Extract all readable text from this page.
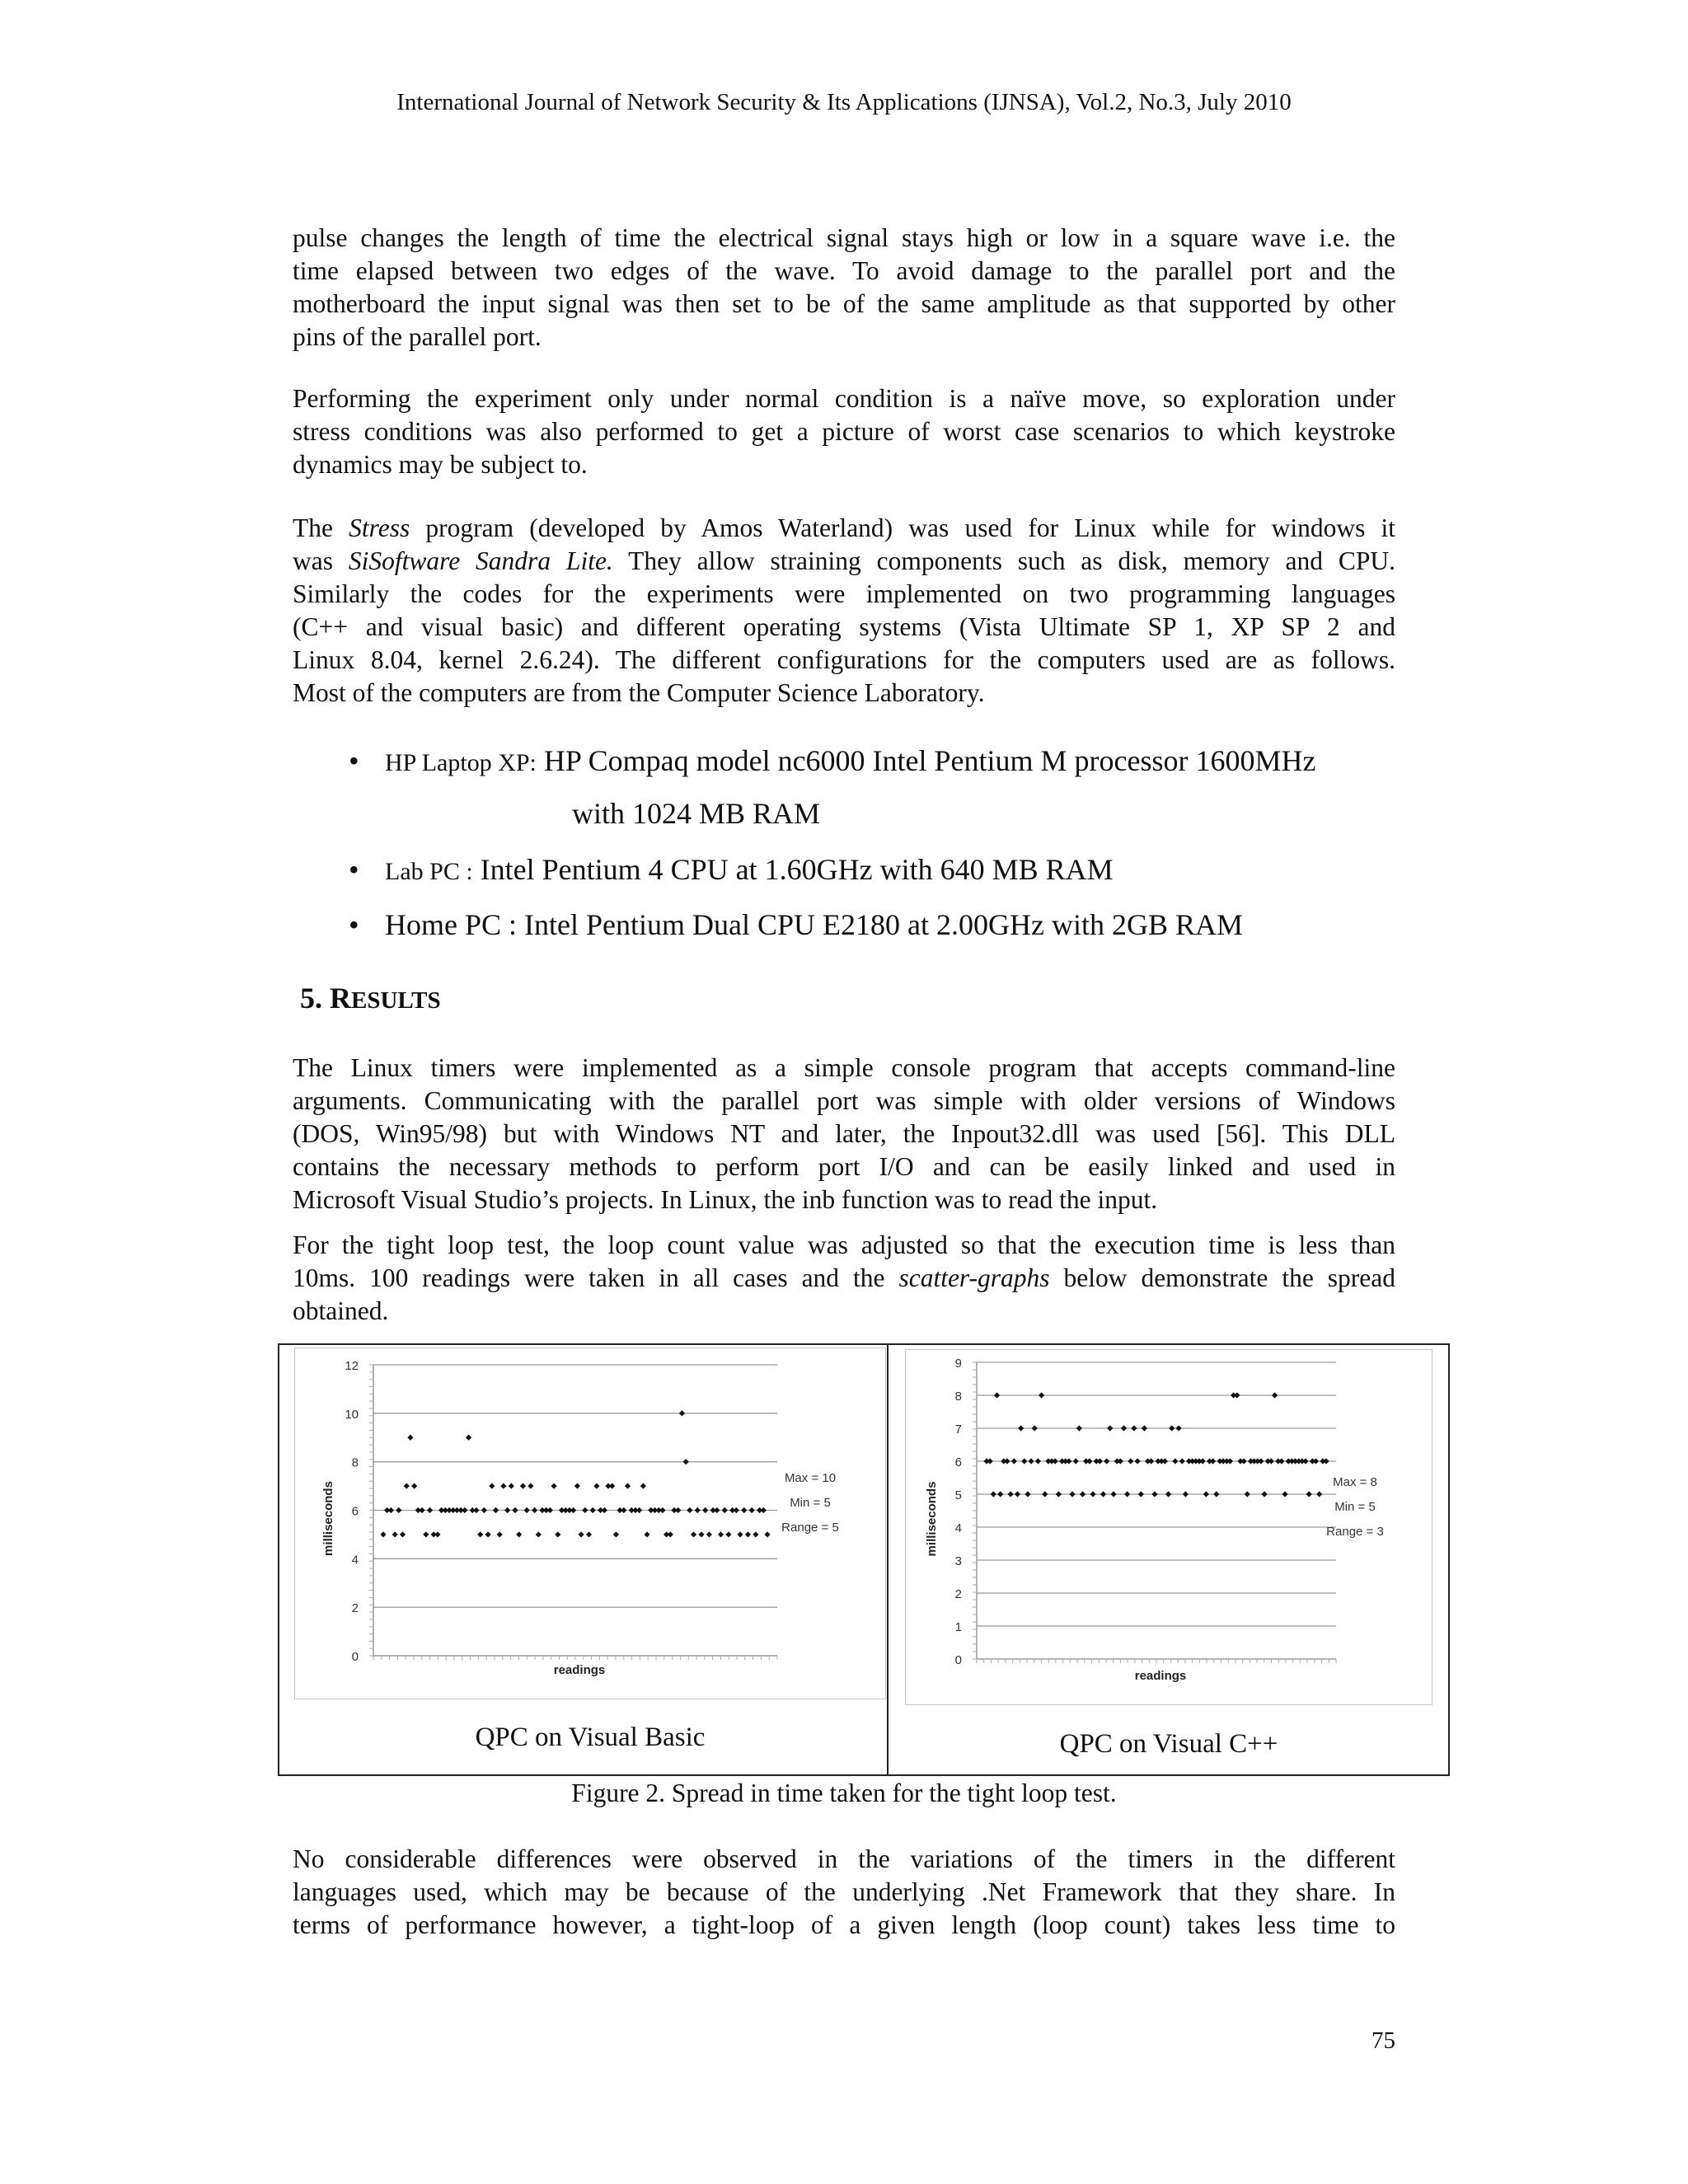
International Journal of Network Security & Its Applications (IJNSA), Vol.2, No.3, July 2010
pulse changes the length of time the electrical signal stays high or low in a square wave i.e. the
time elapsed between two edges of the wave. To avoid damage to the parallel port and the
motherboard the input signal was then set to be of the same amplitude as that supported by other
pins of the parallel port.
Performing the experiment only under normal condition is a naïve move, so exploration under
stress conditions was also performed to get a picture of worst case scenarios to which keystroke
dynamics may be subject to.
The Stress program (developed by Amos Waterland) was used for Linux while for windows it
was SiSoftware Sandra Lite. They allow straining components such as disk, memory and CPU.
Similarly the codes for the experiments were implemented on two programming languages
(C++ and visual basic) and different operating systems (Vista Ultimate SP 1, XP SP 2 and
Linux 8.04, kernel 2.6.24). The different configurations for the computers used are as follows.
Most of the computers are from the Computer Science Laboratory.
• HP Laptop XP: HP Compaq model nc6000 Intel Pentium M processor 1600MHz
with 1024 MB RAM
• Lab PC : Intel Pentium 4 CPU at 1.60GHz with 640 MB RAM
• Home PC : Intel Pentium Dual CPU E2180 at 2.00GHz with 2GB RAM
5. RESULTS
The Linux timers were implemented as a simple console program that accepts command-line
arguments. Communicating with the parallel port was simple with older versions of Windows
(DOS, Win95/98) but with Windows NT and later, the Inpout32.dll was used [56]. This DLL
contains the necessary methods to perform port I/O and can be easily linked and used in
Microsoft Visual Studio’s projects. In Linux, the inb function was to read the input.
For the tight loop test, the loop count value was adjusted so that the execution time is less than
10ms. 100 readings were taken in all cases and the scatter-graphs below demonstrate the spread
obtained.
0
2
4
6
8
10
12
readings
milliseconds
Max = 10
Min = 5
Range = 5
0
1
2
3
4
5
6
7
8
9
readings
milliseconds	Max = 8
Min = 5
Range = 3
QPC on Visual Basic	QPC on Visual C++
Figure 2. Spread in time taken for the tight loop test.
No considerable differences were observed in the variations of the timers in the different
languages used, which may be because of the underlying .Net Framework that they share. In
terms of performance however, a tight-loop of a given length (loop count) takes less time to
75
